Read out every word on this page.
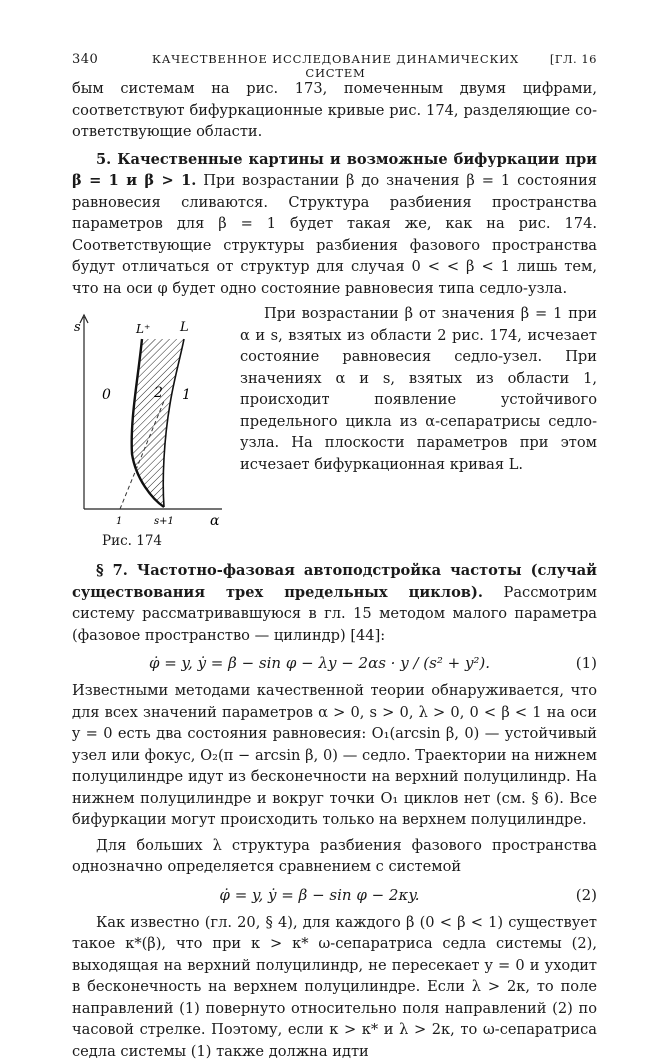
340	КАЧЕСТВЕННОЕ ИССЛЕДОВАНИЕ ДИНАМИЧЕСКИХ СИСТЕМ
[ГЛ. 16

бым системам на рис. 173, помеченным двумя цифрами, соответствуют бифуркационные кривые рис. 174, разделяющие со-ответствующие области.

5. Качественные картины и возможные бифуркации при β = 1 и β > 1. При возрастании β до значения β = 1 состояния равновесия сливаются. Структура разбиения пространства параметров для β = 1 будет такая же, как на рис. 174. Соответствующие структуры разбиения фазового пространства будут отличаться от структур для случая 0 < < β < 1 лишь тем, что на оси φ будет одно состояние равновесия типа седло-узла.

s	L⁺ L
0	2 1
1	s+1	α
Рис. 174

При возрастании β от значения β = 1 при α и s, взятых из области 2 рис. 174, исчезает состояние равновесия седло-узел. При значениях α и s, взятых из области 1, происходит появление устойчивого предельного цикла из α-сепаратрисы седло-узла. На плоскости параметров при этом исчезает бифуркационная кривая L.

§ 7. Частотно-фазовая автоподстройка частоты (случай существования трех предельных циклов). Рассмотрим систему рассматривавшуюся в гл. 15 методом малого параметра (фазовое пространство — цилиндр) [44]:

φ̇ = y, ẏ = β − sin φ − λy − 2αs · y / (s² + y²).	(1)

Известными методами качественной теории обнаруживается, что для всех значений параметров α > 0, s > 0, λ > 0, 0 < β < 1 на оси y = 0 есть два состояния равновесия: O₁(arcsin β, 0) — устойчивый узел или фокус, O₂(π − arcsin β, 0) — седло. Траектории на нижнем полуцилиндре идут из бесконечности на верхний полуцилиндр. На нижнем полуцилиндре и вокруг точки O₁ циклов нет (см. § 6). Все бифуркации могут происходить только на верхнем полуцилиндре.

Для больших λ структура разбиения фазового пространства однозначно определяется сравнением с системой

φ̇ = y, ẏ = β − sin φ − 2κy.	(2)

Как известно (гл. 20, § 4), для каждого β (0 < β < 1) существует такое κ*(β), что при κ > κ* ω-сепаратриса седла системы (2), выходящая на верхний полуцилиндр, не пересекает y = 0 и уходит в бесконечность на верхнем полуцилиндре. Если λ > 2κ, то поле направлений (1) повернуто относительно поля направлений (2) по часовой стрелке. Поэтому, если κ > κ* и λ > 2κ, то ω-сепаратриса седла системы (1) также должна идти
